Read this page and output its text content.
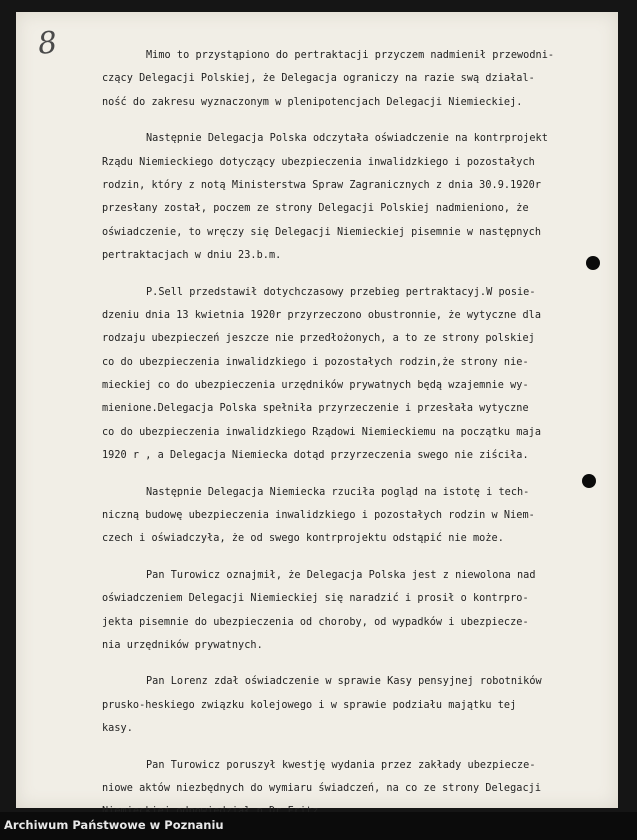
8	Mimo to przystąpiono do pertraktacji przyczem nadmienił przewodni-
czący Delegacji Polskiej, że Delegacja ograniczy na razie swą działal-
ność do zakresu wyznaczonym w plenipotencjach Delegacji Niemieckiej.
Następnie Delegacja Polska odczytała oświadczenie na kontrprojekt
Rządu Niemieckiego dotyczący ubezpieczenia inwalidzkiego i pozostałych
rodzin, który z notą Ministerstwa Spraw Zagranicznych z dnia 30.9.1920r
przesłany został, poczem ze strony Delegacji Polskiej nadmieniono, że
oświadczenie, to wręczy się Delegacji Niemieckiej pisemnie w następnych
pertraktacjach w dniu 23.b.m.
P.Sell przedstawił dotychczasowy przebieg pertraktacyj.W posie-
dzeniu dnia 13 kwietnia 1920r przyrzeczono obustronnie, że wytyczne dla
rodzaju ubezpieczeń jeszcze nie przedłożonych, a to ze strony polskiej
co do ubezpieczenia inwalidzkiego i pozostałych rodzin,że strony nie-
mieckiej co do ubezpieczenia urzędników prywatnych będą wzajemnie wy-
mienione.Delegacja Polska spełniła przyrzeczenie i przesłała wytyczne
co do ubezpieczenia inwalidzkiego Rządowi Niemieckiemu na początku maja
1920 r , a Delegacja Niemiecka dotąd przyrzeczenia swego nie ziściła.
Następnie Delegacja Niemiecka rzuciła pogląd na istotę i tech-
niczną budowę ubezpieczenia inwalidzkiego i pozostałych rodzin w Niem-
czech i oświadczyła, że od swego kontrprojektu odstąpić nie może.
Pan Turowicz oznajmił, że Delegacja Polska jest z niewolona nad
oświadczeniem Delegacji Niemieckiej się naradzić i prosił o kontrpro-
jekta pisemnie do ubezpieczenia od choroby, od wypadków i ubezpiecze-
nia urzędników prywatnych.
Pan Lorenz zdał oświadczenie w sprawie Kasy pensyjnej robotników
prusko-heskiego związku kolejowego i w sprawie podziału majątku tej
kasy.
Pan Turowicz poruszył kwestję wydania przez zakłady ubezpiecze-
niowe aktów niezbędnych do wymiaru świadczeń, na co ze strony Delegacji
Archiwum Państwowe w Poznaniu
